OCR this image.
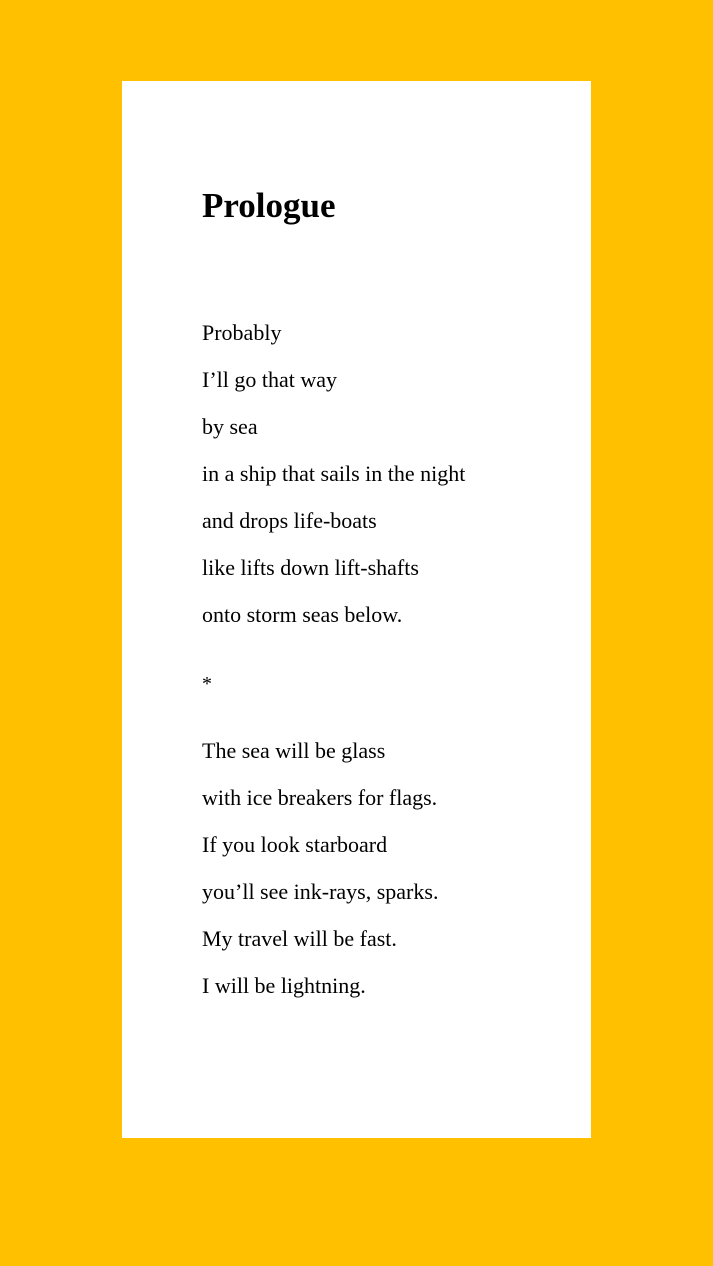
Prologue
Probably
I’ll go that way
by sea
in a ship that sails in the night
and drops life-boats
like lifts down lift-shafts
onto storm seas below.
*
The sea will be glass
with ice breakers for flags.
If you look starboard
you’ll see ink-rays, sparks.
My travel will be fast.
I will be lightning.
